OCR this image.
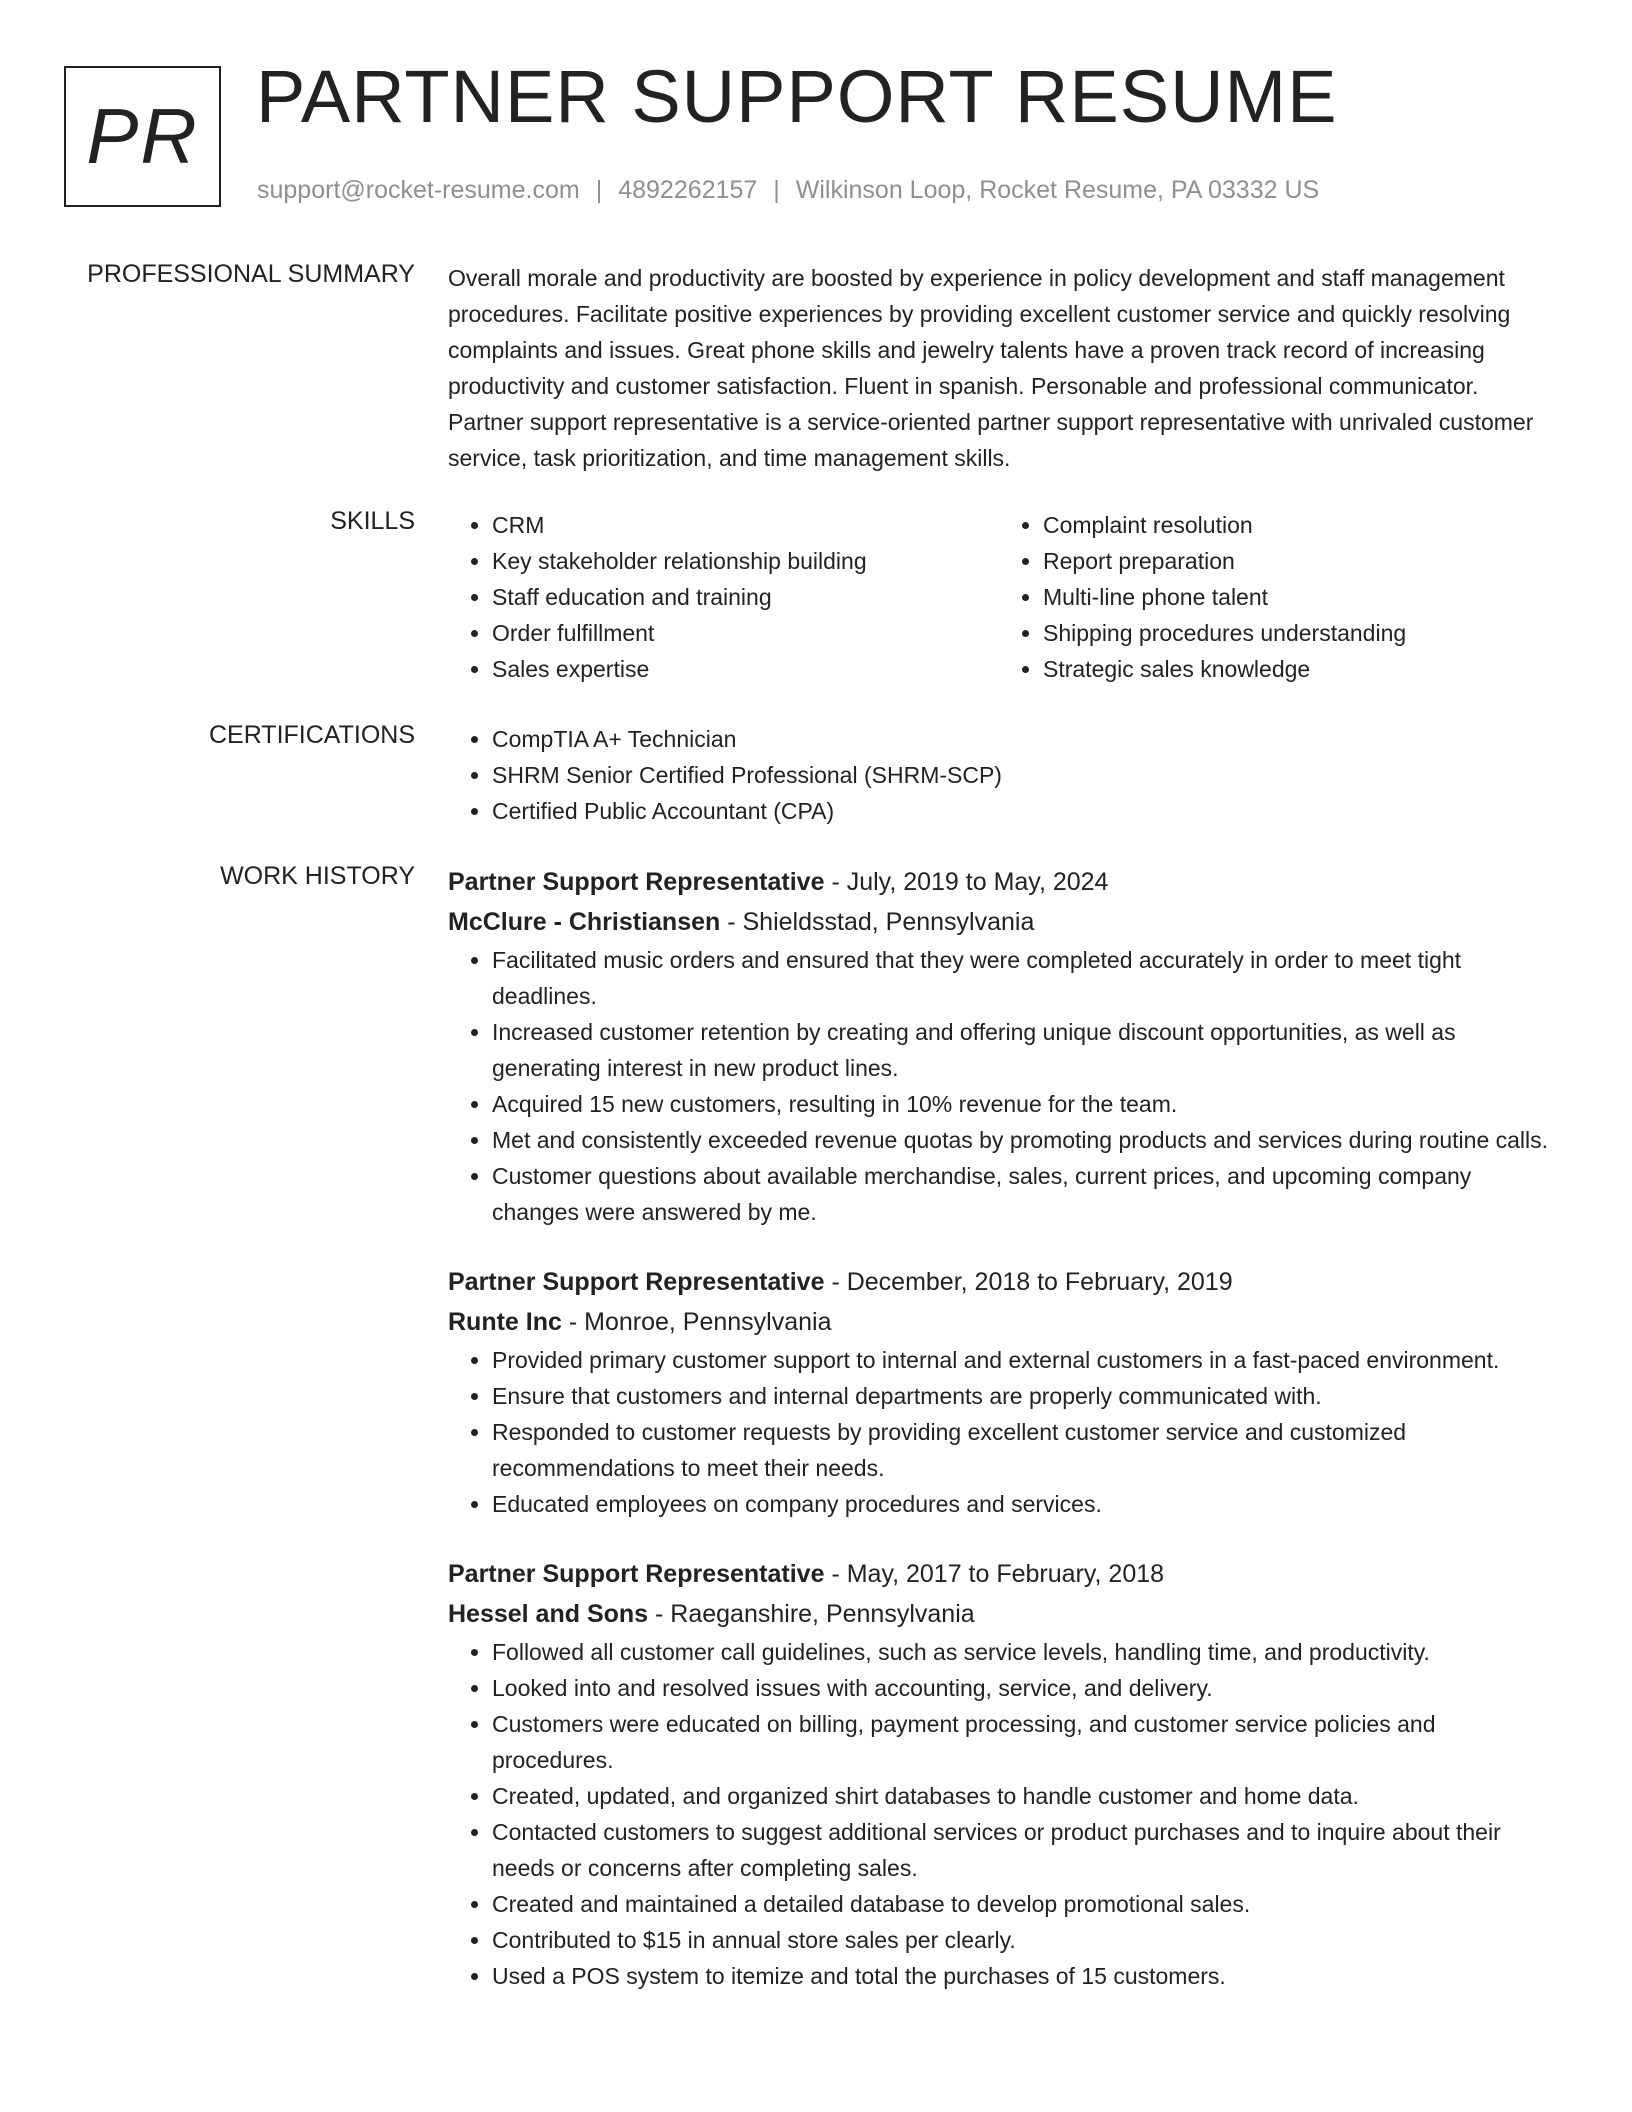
PR PARTNER SUPPORT RESUME
support@rocket-resume.com | 4892262157 | Wilkinson Loop, Rocket Resume, PA 03332 US
PROFESSIONAL SUMMARY Overall morale and productivity are boosted by experience in policy development and staff management procedures. Facilitate positive experiences by providing excellent customer service and quickly resolving complaints and issues. Great phone skills and jewelry talents have a proven track record of increasing productivity and customer satisfaction. Fluent in spanish. Personable and professional communicator. Partner support representative is a service-oriented partner support representative with unrivaled customer service, task prioritization, and time management skills.

SKILLS	• CRM
• Key stakeholder relationship building
• Staff education and training
• Order fulfillment
• Sales expertise
• Complaint resolution
• Report preparation
• Multi-line phone talent
• Shipping procedures understanding
• Strategic sales knowledge
CERTIFICATIONS	• CompTIA A+ Technician
• SHRM Senior Certified Professional (SHRM-SCP)
• Certified Public Accountant (CPA)
WORK HISTORY Partner Support Representative - July, 2019 to May, 2024
McClure - Christiansen - Shieldsstad, Pennsylvania
• Facilitated music orders and ensured that they were completed accurately in order to meet tight deadlines.
• Increased customer retention by creating and offering unique discount opportunities, as well as generating interest in new product lines.
• Acquired 15 new customers, resulting in 10% revenue for the team.
• Met and consistently exceeded revenue quotas by promoting products and services during routine calls.
• Customer questions about available merchandise, sales, current prices, and upcoming company changes were answered by me.
Partner Support Representative - December, 2018 to February, 2019
Runte Inc - Monroe, Pennsylvania
• Provided primary customer support to internal and external customers in a fast-paced environment.
• Ensure that customers and internal departments are properly communicated with.
• Responded to customer requests by providing excellent customer service and customized recommendations to meet their needs.
• Educated employees on company procedures and services.
Partner Support Representative - May, 2017 to February, 2018
Hessel and Sons - Raeganshire, Pennsylvania
• Followed all customer call guidelines, such as service levels, handling time, and productivity.
• Looked into and resolved issues with accounting, service, and delivery.
• Customers were educated on billing, payment processing, and customer service policies and procedures.
• Created, updated, and organized shirt databases to handle customer and home data.
• Contacted customers to suggest additional services or product purchases and to inquire about their needs or concerns after completing sales.
• Created and maintained a detailed database to develop promotional sales.
• Contributed to $15 in annual store sales per clearly.
• Used a POS system to itemize and total the purchases of 15 customers.
